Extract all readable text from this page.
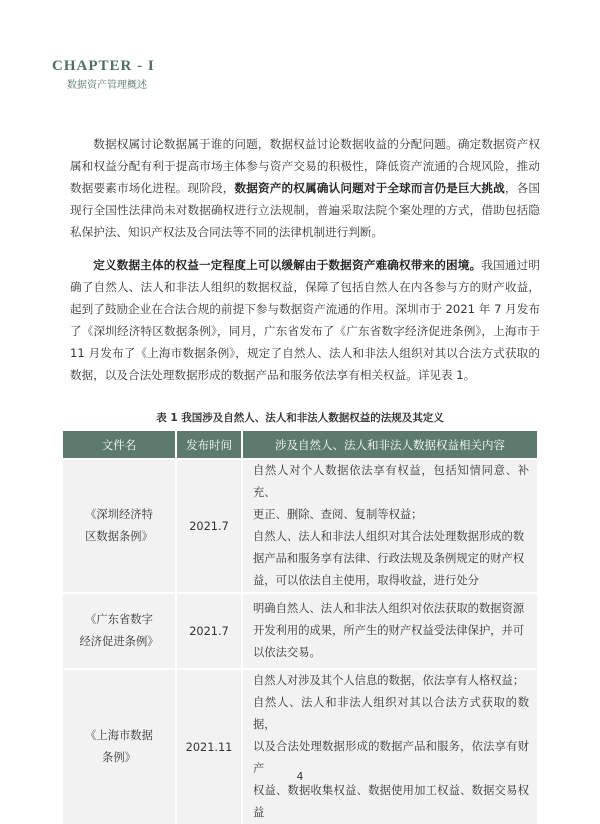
CHAPTER - I
数据资产管理概述

数据权属讨论数据属于谁的问题，数据权益讨论数据收益的分配问题。确定数据资产权属和权益分配有利于提高市场主体参与资产交易的积极性，降低资产流通的合规风险，推动数据要素市场化进程。现阶段，数据资产的权属确认问题对于全球而言仍是巨大挑战，各国现行全国性法律尚未对数据确权进行立法规制，普遍采取法院个案处理的方式，借助包括隐私保护法、知识产权法及合同法等不同的法律机制进行判断。

定义数据主体的权益一定程度上可以缓解由于数据资产难确权带来的困境。我国通过明确了自然人、法人和非法人组织的数据权益，保障了包括自然人在内各参与方的财产收益，起到了鼓励企业在合法合规的前提下参与数据资产流通的作用。深圳市于 2021 年 7 月发布了《深圳经济特区数据条例》，同月，广东省发布了《广东省数字经济促进条例》，上海市于 11 月发布了《上海市数据条例》，规定了自然人、法人和非法人组织对其以合法方式获取的数据，以及合法处理数据形成的数据产品和服务依法享有相关权益。详见表 1。

表 1 我国涉及自然人、法人和非法人数据权益的法规及其定义
文件名	发布时间	涉及自然人、法人和非法人数据权益相关内容

《深圳经济特
区数据条例》	2021.7	自然人对个人数据依法享有权益，包括知情同意、补充、
更正、删除、查阅、复制等权益；
自然人、法人和非法人组织对其合法处理数据形成的数
据产品和服务享有法律、行政法规及条例规定的财产权
益，可以依法自主使用，取得收益，进行处分

《广东省数字
经济促进条例》	2021.7	明确自然人、法人和非法人组织对依法获取的数据资源
开发利用的成果，所产生的财产权益受法律保护，并可
以依法交易。

《上海市数据
条例》	2021.11	自然人对涉及其个人信息的数据，依法享有人格权益；
自然人、法人和非法人组织对其以合法方式获取的数据，
以及合法处理数据形成的数据产品和服务，依法享有财产
权益、数据收集权益、数据使用加工权益、数据交易权益
4
